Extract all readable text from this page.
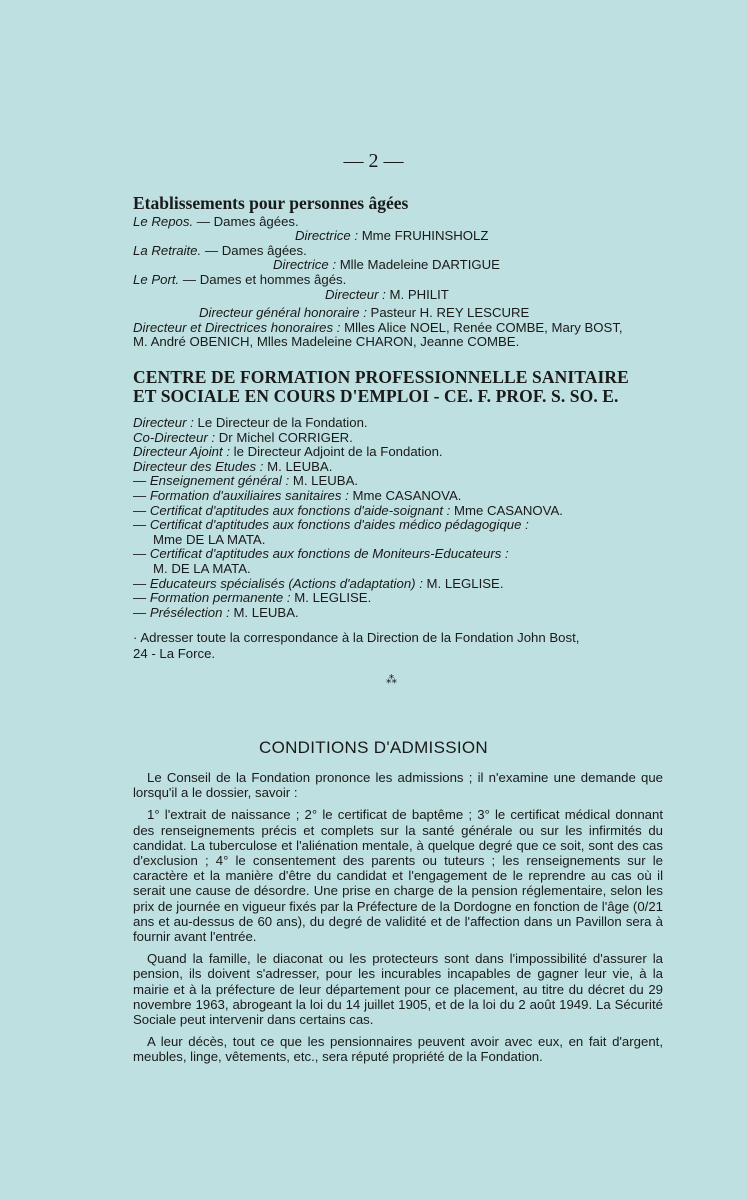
— 2 —
Etablissements pour personnes âgées
Le Repos. — Dames âgées.
Directrice : Mme FRUHINSHOLZ
La Retraite. — Dames âgées.
Directrice : Mlle Madeleine DARTIGUE
Le Port. — Dames et hommes âgés.
Directeur : M. PHILIT
Directeur général honoraire : Pasteur H. REY LESCURE
Directeur et Directrices honoraires : Mlles Alice NOEL, Renée COMBE, Mary BOST,
M. André OBENICH, Mlles Madeleine CHARON, Jeanne COMBE.
CENTRE DE FORMATION PROFESSIONNELLE SANITAIRE
ET SOCIALE EN COURS D'EMPLOI - CE. F. PROF. S. SO. E.
Directeur : Le Directeur de la Fondation.
Co-Directeur : Dr Michel CORRIGER.
Directeur Ajoint : le Directeur Adjoint de la Fondation.
Directeur des Etudes : M. LEUBA.
— Enseignement général : M. LEUBA.
— Formation d'auxiliaires sanitaires : Mme CASANOVA.
— Certificat d'aptitudes aux fonctions d'aide-soignant : Mme CASANOVA.
— Certificat d'aptitudes aux fonctions d'aides médico pédagogique :
Mme DE LA MATA.
— Certificat d'aptitudes aux fonctions de Moniteurs-Educateurs :
M. DE LA MATA.
— Educateurs spécialisés (Actions d'adaptation) : M. LEGLISE.
— Formation permanente : M. LEGLISE.
— Présélection : M. LEUBA.
· Adresser toute la correspondance à la Direction de la Fondation John Bost,
24 - La Force.
⁂
CONDITIONS D'ADMISSION

Le Conseil de la Fondation prononce les admissions ; il n'examine une demande que lorsqu'il a le dossier, savoir :

1° l'extrait de naissance ; 2° le certificat de baptême ; 3° le certificat médical donnant des renseignements précis et complets sur la santé générale ou sur les infirmités du candidat. La tuberculose et l'aliénation mentale, à quelque degré que ce soit, sont des cas d'exclusion ; 4° le consentement des parents ou tuteurs ; les renseignements sur le caractère et la manière d'être du candidat et l'engagement de le reprendre au cas où il serait une cause de désordre. Une prise en charge de la pension réglementaire, selon les prix de journée en vigueur fixés par la Préfecture de la Dordogne en fonction de l'âge (0/21 ans et au-dessus de 60 ans), du degré de validité et de l'affection dans un Pavillon sera à fournir avant l'entrée.

Quand la famille, le diaconat ou les protecteurs sont dans l'impossibilité d'assurer la pension, ils doivent s'adresser, pour les incurables incapables de gagner leur vie, à la mairie et à la préfecture de leur département pour ce placement, au titre du décret du 29 novembre 1963, abrogeant la loi du 14 juillet 1905, et de la loi du 2 août 1949. La Sécurité Sociale peut intervenir dans certains cas.

A leur décès, tout ce que les pensionnaires peuvent avoir avec eux, en fait d'argent, meubles, linge, vêtements, etc., sera réputé propriété de la Fondation.
